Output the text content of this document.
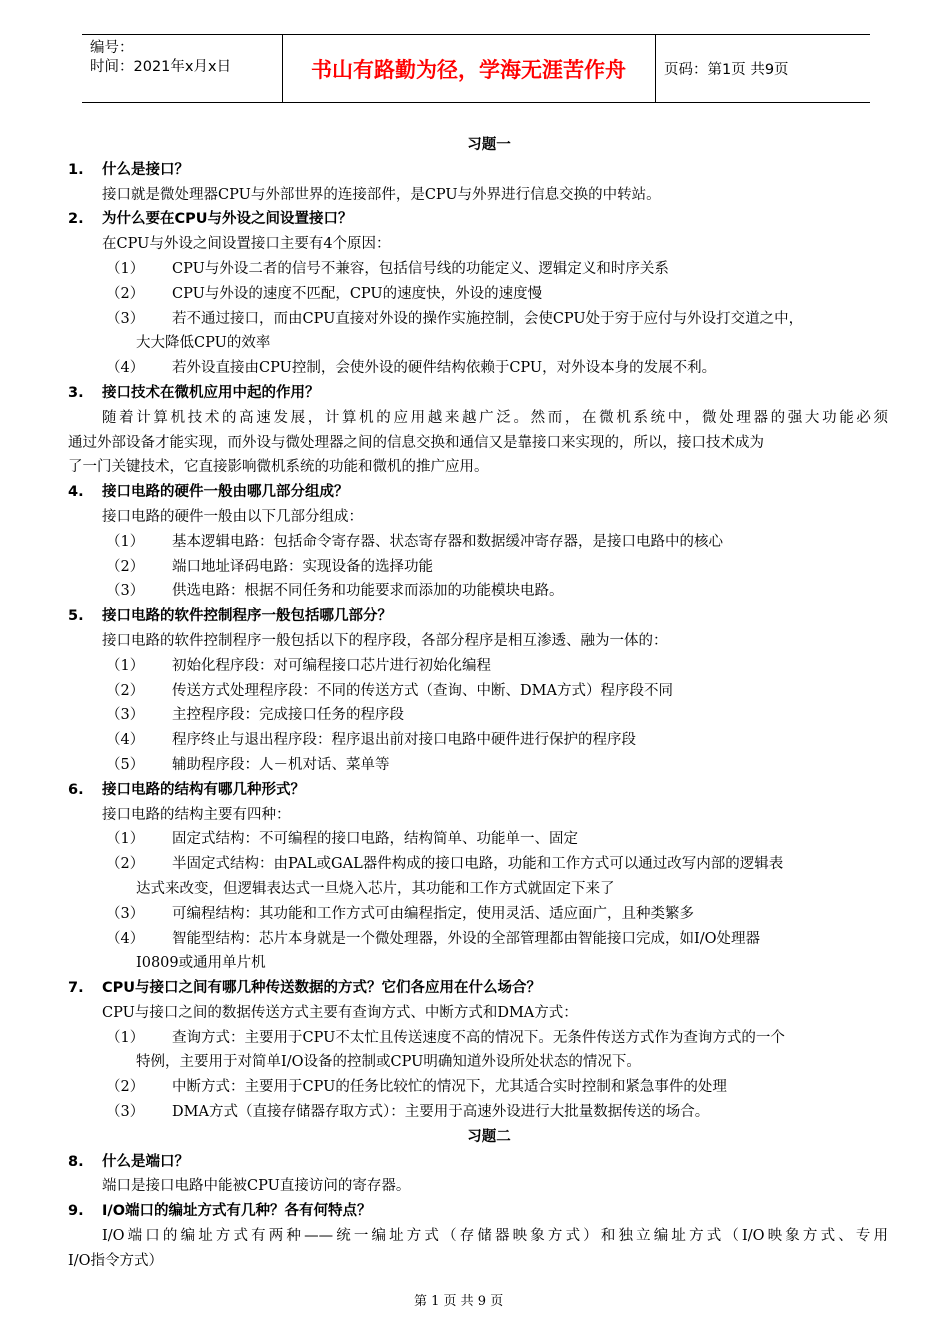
编号：
时间：2021年x月x日	书山有路勤为径，学海无涯苦作舟	页码：第1页 共9页
习题一
1. 什么是接口？
接口就是微处理器CPU与外部世界的连接部件，是CPU与外界进行信息交换的中转站。
2. 为什么要在CPU与外设之间设置接口？
在CPU与外设之间设置接口主要有4个原因：
（1） CPU与外设二者的信号不兼容，包括信号线的功能定义、逻辑定义和时序关系
（2） CPU与外设的速度不匹配，CPU的速度快，外设的速度慢
（3） 若不通过接口，而由CPU直接对外设的操作实施控制，会使CPU处于穷于应付与外设打交道之中，
大大降低CPU的效率
（4） 若外设直接由CPU控制，会使外设的硬件结构依赖于CPU，对外设本身的发展不利。
3. 接口技术在微机应用中起的作用？
随着计算机技术的高速发展，计算机的应用越来越广泛。然而，在微机系统中，微处理器的强大功能必须
通过外部设备才能实现，而外设与微处理器之间的信息交换和通信又是靠接口来实现的，所以，接口技术成为
了一门关键技术，它直接影响微机系统的功能和微机的推广应用。
4. 接口电路的硬件一般由哪几部分组成？
接口电路的硬件一般由以下几部分组成：
（1） 基本逻辑电路：包括命令寄存器、状态寄存器和数据缓冲寄存器，是接口电路中的核心
（2） 端口地址译码电路：实现设备的选择功能
（3） 供选电路：根据不同任务和功能要求而添加的功能模块电路。
5. 接口电路的软件控制程序一般包括哪几部分？
接口电路的软件控制程序一般包括以下的程序段，各部分程序是相互渗透、融为一体的：
（1） 初始化程序段：对可编程接口芯片进行初始化编程
（2） 传送方式处理程序段：不同的传送方式（查询、中断、DMA方式）程序段不同
（3） 主控程序段：完成接口任务的程序段
（4） 程序终止与退出程序段：程序退出前对接口电路中硬件进行保护的程序段
（5） 辅助程序段：人－机对话、菜单等
6. 接口电路的结构有哪几种形式？
接口电路的结构主要有四种：
（1） 固定式结构：不可编程的接口电路，结构简单、功能单一、固定
（2） 半固定式结构：由PAL或GAL器件构成的接口电路，功能和工作方式可以通过改写内部的逻辑表
达式来改变，但逻辑表达式一旦烧入芯片，其功能和工作方式就固定下来了
（3） 可编程结构：其功能和工作方式可由编程指定，使用灵活、适应面广，且种类繁多
（4） 智能型结构：芯片本身就是一个微处理器，外设的全部管理都由智能接口完成，如I/O处理器
I0809或通用单片机
7. CPU与接口之间有哪几种传送数据的方式？它们各应用在什么场合？
CPU与接口之间的数据传送方式主要有查询方式、中断方式和DMA方式：
（1） 查询方式：主要用于CPU不太忙且传送速度不高的情况下。无条件传送方式作为查询方式的一个
特例，主要用于对简单I/O设备的控制或CPU明确知道外设所处状态的情况下。
（2） 中断方式：主要用于CPU的任务比较忙的情况下，尤其适合实时控制和紧急事件的处理
（3） DMA方式（直接存储器存取方式）：主要用于高速外设进行大批量数据传送的场合。
习题二
8. 什么是端口？
端口是接口电路中能被CPU直接访问的寄存器。
9. I/O端口的编址方式有几种？各有何特点？
I/O端口的编址方式有两种——统一编址方式（存储器映象方式）和独立编址方式（I/O映象方式、专用
I/O指令方式）
第 1 页 共 9 页
